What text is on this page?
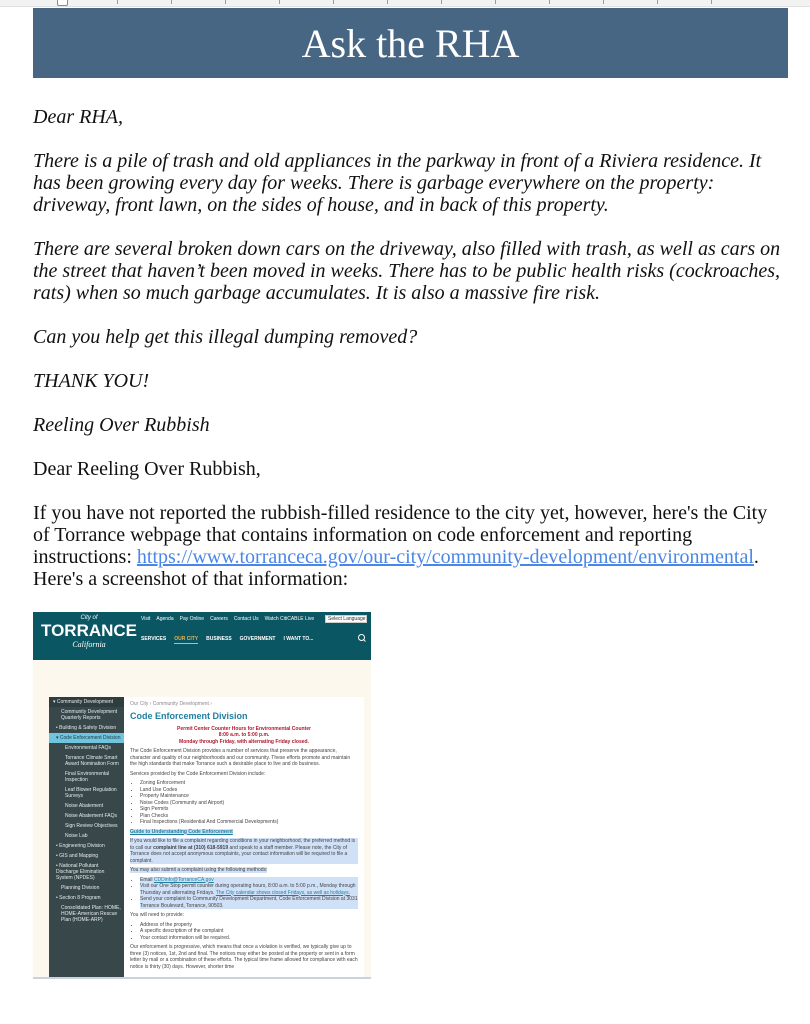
Ask the RHA

Dear RHA,

There is a pile of trash and old appliances in the parkway in front of a Riviera residence. It has been growing every day for weeks. There is garbage everywhere on the property: driveway, front lawn, on the sides of house, and in back of this property.

There are several broken down cars on the driveway, also filled with trash, as well as cars on the street that haven’t been moved in weeks. There has to be public health risks (cockroaches, rats) when so much garbage accumulates. It is also a massive fire risk.

Can you help get this illegal dumping removed?

THANK YOU!

Reeling Over Rubbish

Dear Reeling Over Rubbish,

If you have not reported the rubbish-filled residence to the city yet, however, here's the City of Torrance webpage that contains information on code enforcement and reporting instructions: https://www.torranceca.gov/our-city/community-development/environmental. Here's a screenshot of that information:

City of
TORRANCE
California
Visit Agenda Pay Online Careers Contact Us Watch CitiCABLE Live	Select Language
SERVICES OUR CITY BUSINESS GOVERNMENT I WANT TO...
▾ Community Development
Community Development Quarterly Reports
• Building & Safety Division
▾ Code Enforcement Division
Environmental FAQs
Torrance Climate Smart Award Nomination Form
Final Environmental Inspection
Leaf Blower Regulation Surveys
Noise Abatement
Noise Abatement FAQs
Sign Review Objectives
Noise Lab
• Engineering Division
• GIS and Mapping
• National Pollutant Discharge Elimination System (NPDES)
Planning Division
• Section 8 Program
Consolidated Plan: HOME, HOME-American Rescue Plan (HOME-ARP)
Our City › Community Development ›
Code Enforcement Division
Permit Center Counter Hours for Environmental Counter
8:00 a.m. to 5:00 p.m.
Monday through Friday, with alternating Friday closed.

The Code Enforcement Division provides a number of services that preserve the appearance, character and quality of our neighborhoods and our community. These efforts promote and maintain the high standards that make Torrance such a desirable place to live and do business.

Services provided by the Code Enforcement Division include:

• Zoning Enforcement
• Land Use Codes
• Property Maintenance
• Noise Codes (Community and Airport)
• Sign Permits
• Plan Checks
• Final Inspections (Residential And Commercial Developments)

Guide to Understanding Code Enforcement

If you would like to file a complaint regarding conditions in your neighborhood, the preferred method is to call our complaint line at (310) 618-5919 and speak to a staff member. Please note, the City of Torrance does not accept anonymous complaints, your contact information will be required to file a complaint.

You may also submit a complaint using the following methods:

• Email CDDinfo@TorranceCA.gov
• Visit our One Stop permit counter during operating hours, 8:00 a.m. to 5:00 p.m., Monday through Thursday and alternating Fridays. The City calendar shows closed Fridays, as well as holidays.
• Send your complaint to Community Development Department, Code Enforcement Division at 3031 Torrance Boulevard, Torrance, 90503.

You will need to provide:

• Address of the property
• A specific description of the complaint
• Your contact information will be required.

Our enforcement is progressive, which means that once a violation is verified, we typically give up to three (3) notices, 1st, 2nd and final. The notices may either be posted at the property or sent in a form letter by mail or a combination of these efforts. The typical time frame allowed for compliance with each notice is thirty (30) days. However, shorter time
